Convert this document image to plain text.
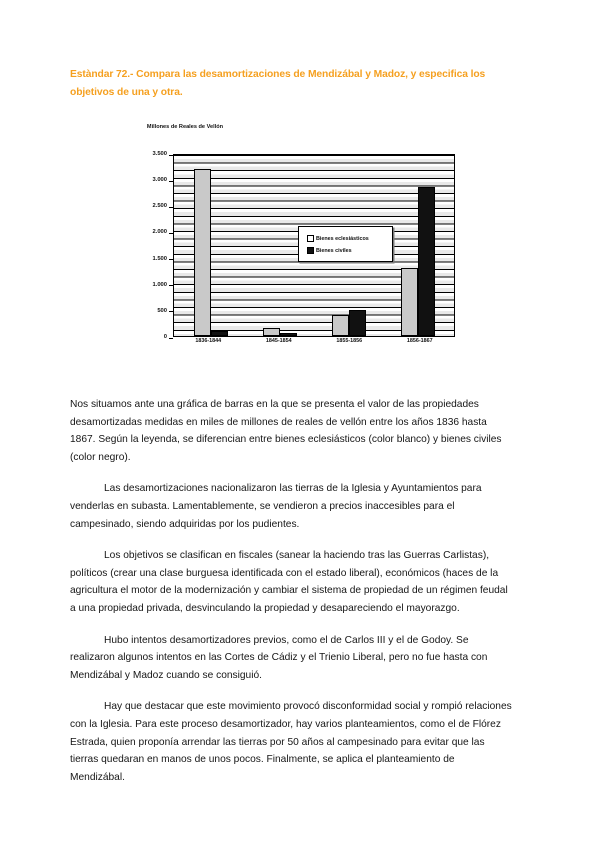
Estàndar 72.- Compara las desamortizaciones de Mendizábal y Madoz, y especifica los objetivos de una y otra.
Millones de Reales de Vellón
0
500
1.000
1.500
2.000
2.500
3.000
3.500
Bienes eclesiásticos
Bienes civiles
1836-1844	1845-1854	1855-1856	1856-1867

Nos situamos ante una gráfica de barras en la que se presenta el valor de las propiedades desamortizadas medidas en miles de millones de reales de vellón entre los años 1836 hasta 1867. Según la leyenda, se diferencian entre bienes eclesiásticos (color blanco) y bienes civiles (color negro).

Las desamortizaciones nacionalizaron las tierras de la Iglesia y Ayuntamientos para venderlas en subasta. Lamentablemente, se vendieron a precios inaccesibles para el campesinado, siendo adquiridas por los pudientes.

Los objetivos se clasifican en fiscales (sanear la haciendo tras las Guerras Carlistas), políticos (crear una clase burguesa identificada con el estado liberal), económicos (haces de la agricultura el motor de la modernización y cambiar el sistema de propiedad de un régimen feudal a una propiedad privada, desvinculando la propiedad y desapareciendo el mayorazgo.

Hubo intentos desamortizadores previos, como el de Carlos III y el de Godoy. Se realizaron algunos intentos en las Cortes de Cádiz y el Trienio Liberal, pero no fue hasta con Mendizábal y Madoz cuando se consiguió.

Hay que destacar que este movimiento provocó disconformidad social y rompió relaciones con la Iglesia. Para este proceso desamortizador, hay varios planteamientos, como el de Flórez Estrada, quien proponía arrendar las tierras por 50 años al campesinado para evitar que las tierras quedaran en manos de unos pocos. Finalmente, se aplica el planteamiento de Mendizábal.
